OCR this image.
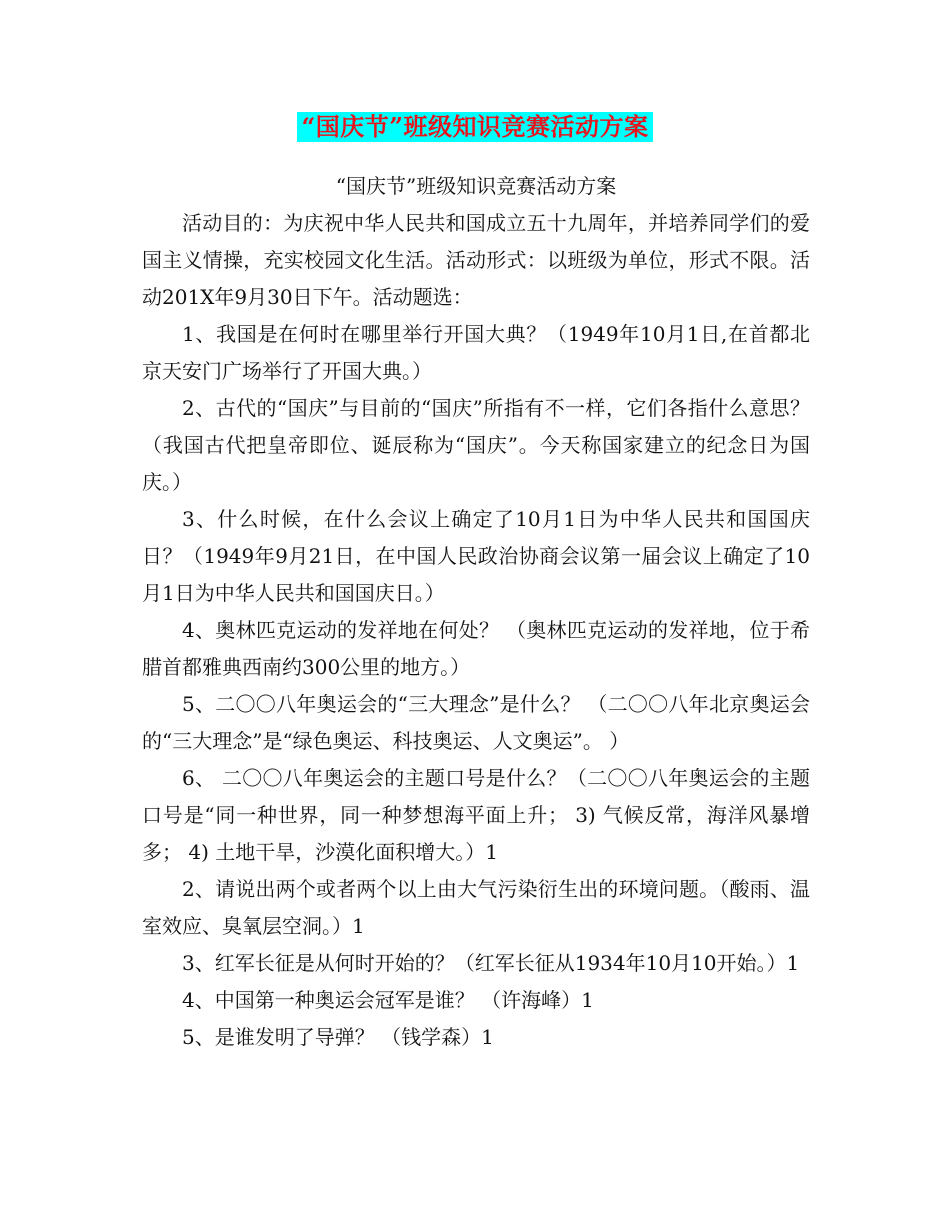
“国庆节”班级知识竞赛活动方案

“国庆节”班级知识竞赛活动方案

活动目的：为庆祝中华人民共和国成立五十九周年，并培养同学们的爱国主义情操，充实校园文化生活。活动形式：以班级为单位，形式不限。活动201X年9月30日下午。活动题选：

1、我国是在何时在哪里举行开国大典？（1949年10月1日,在首都北京天安门广场举行了开国大典。）

2、古代的“国庆”与目前的“国庆”所指有不一样，它们各指什么意思？（我国古代把皇帝即位、诞辰称为“国庆”。今天称国家建立的纪念日为国庆。）

3、什么时候，在什么会议上确定了10月1日为中华人民共和国国庆日？（1949年9月21日，在中国人民政治协商会议第一届会议上确定了10月1日为中华人民共和国国庆日。）

4、奥林匹克运动的发祥地在何处？ （奥林匹克运动的发祥地，位于希腊首都雅典西南约300公里的地方。）

5、二〇〇八年奥运会的“三大理念”是什么？ （二〇〇八年北京奥运会的“三大理念”是“绿色奥运、科技奥运、人文奥运”。 ）

6、 二〇〇八年奥运会的主题口号是什么？（二〇〇八年奥运会的主题口号是“同一种世界，同一种梦想海平面上升； 3) 气候反常，海洋风暴增多； 4) 土地干旱，沙漠化面积增大。）1

2、请说出两个或者两个以上由大气污染衍生出的环境问题。（酸雨、温室效应、臭氧层空洞。）1

3、红军长征是从何时开始的？（红军长征从1934年10月10开始。）1

4、中国第一种奥运会冠军是谁？ （许海峰）1

5、是谁发明了导弹？ （钱学森）1
